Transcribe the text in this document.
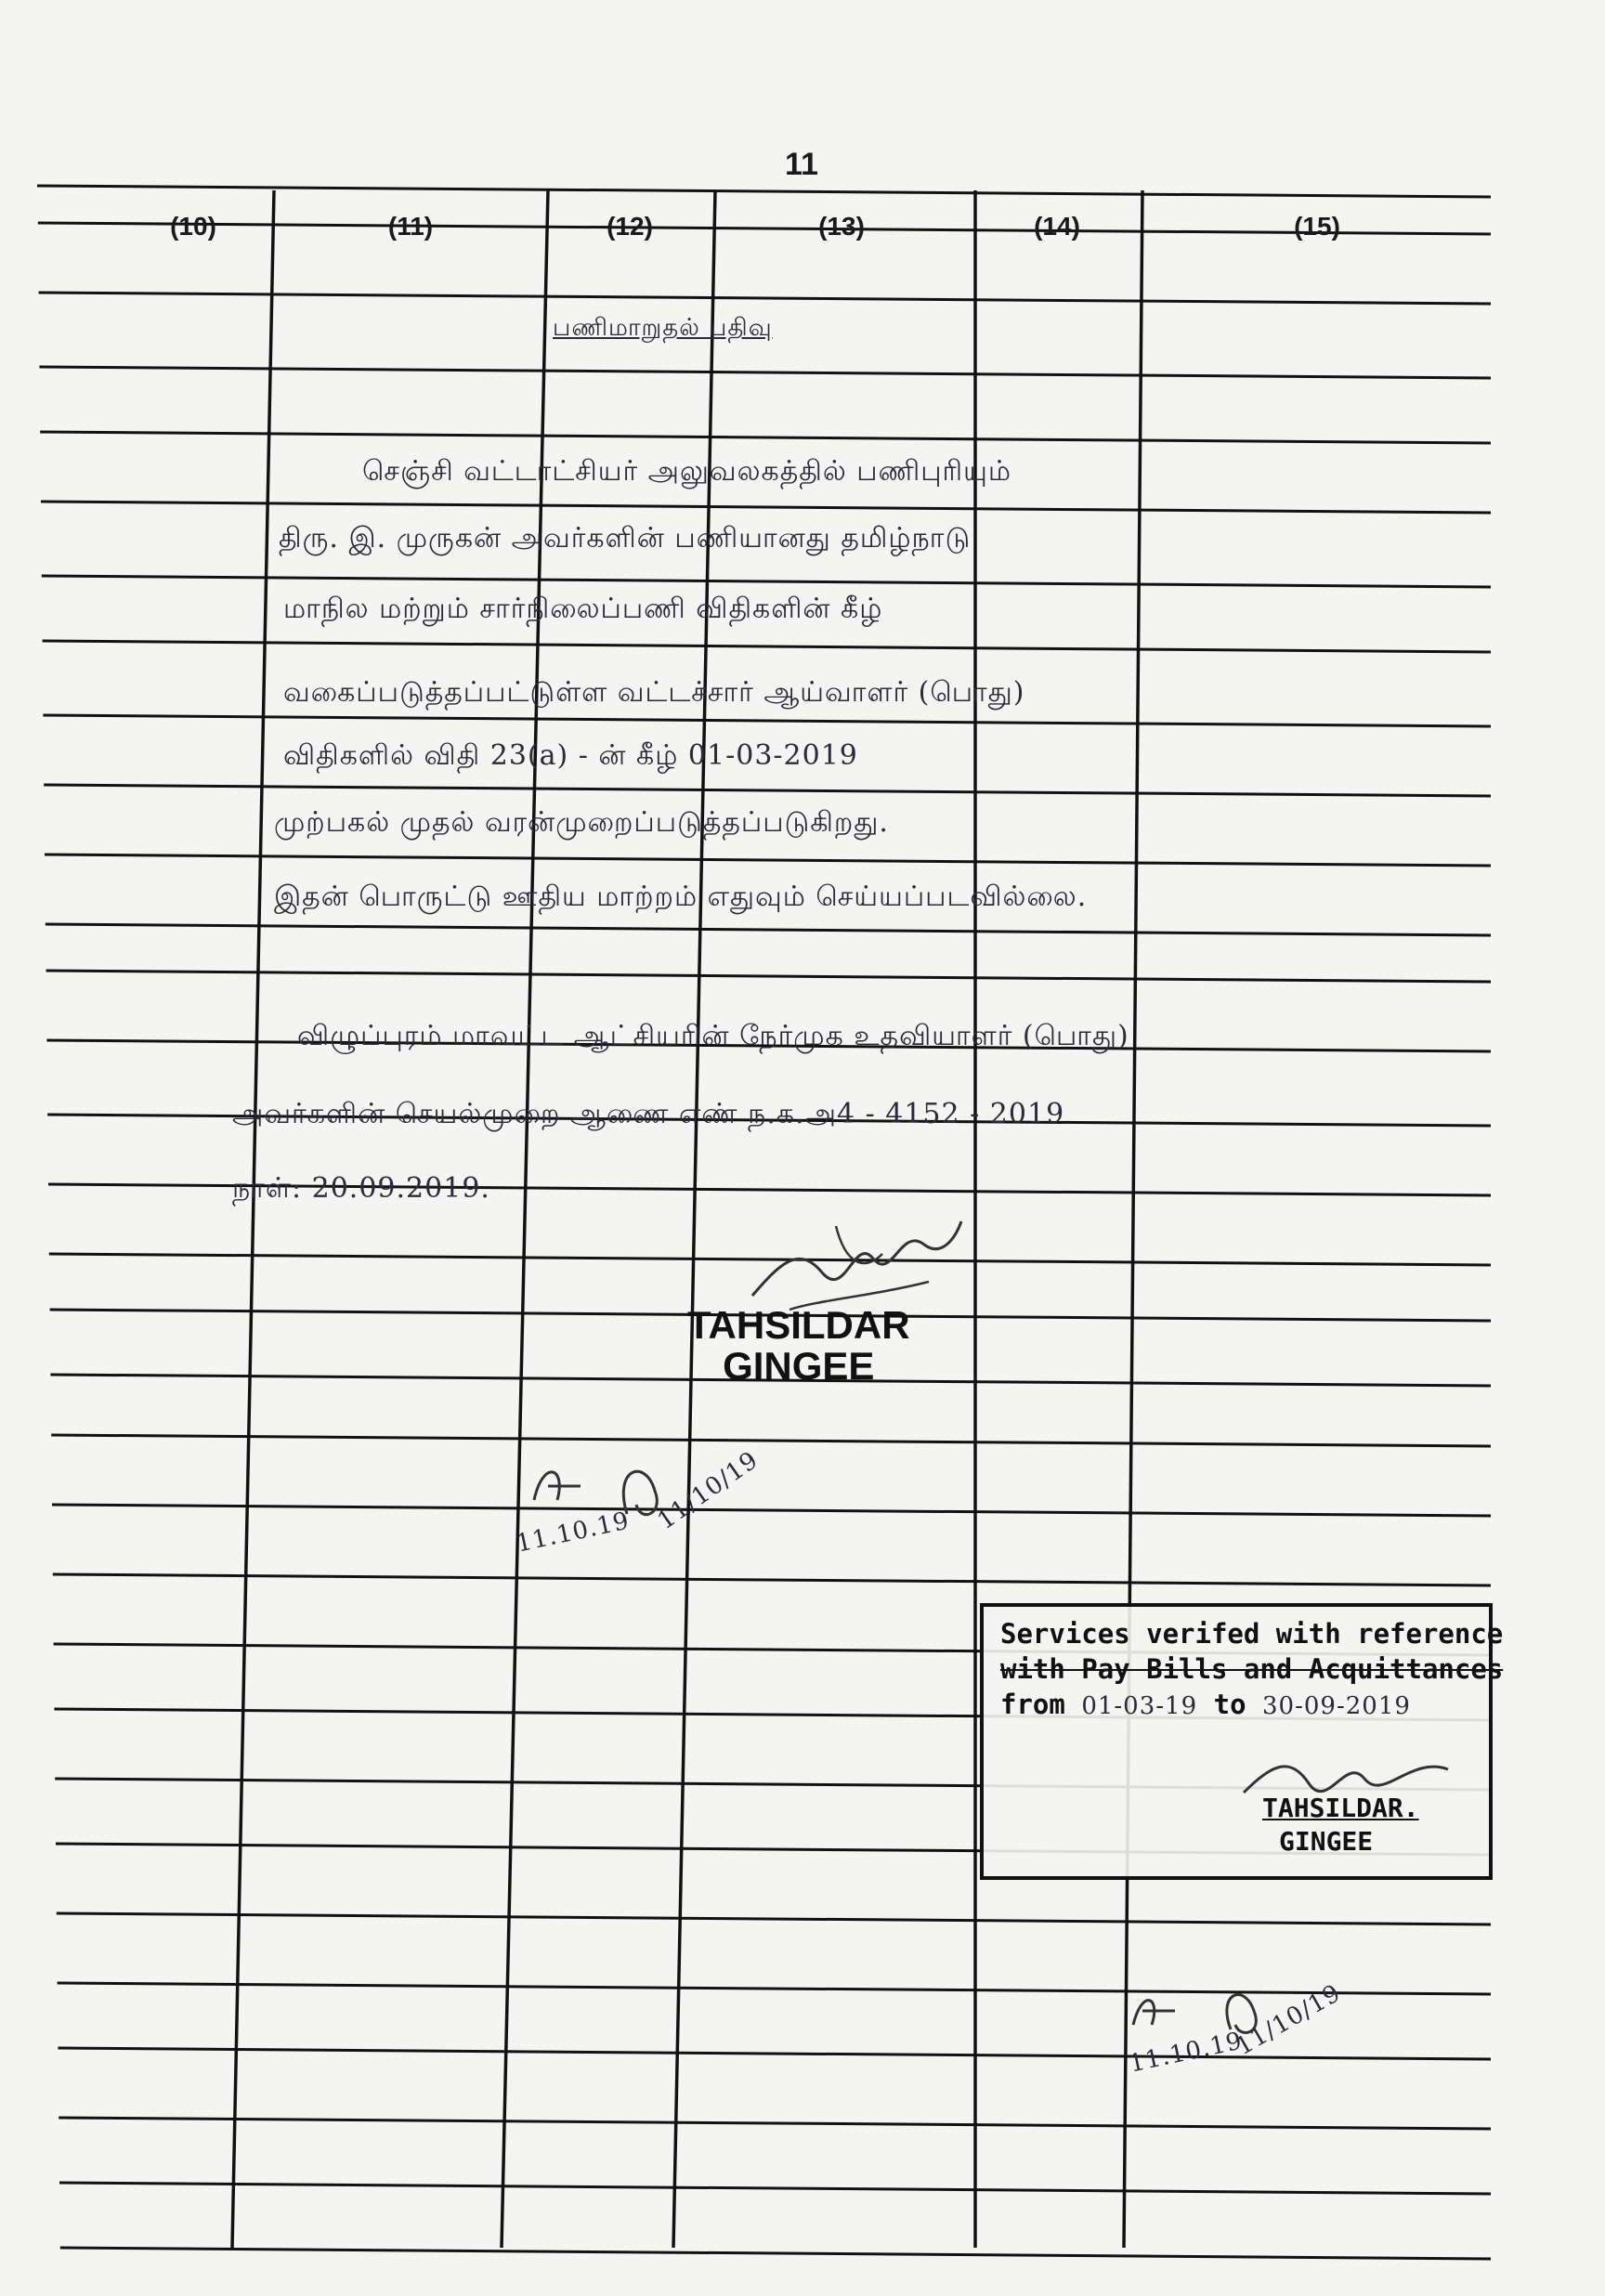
11
(10)	(11)	(12)	(13)	(14)	(15)
பணிமாறுதல் பதிவு
செஞ்சி வட்டாட்சியர் அலுவலகத்தில் பணிபுரியும்
திரு. இ. முருகன் அவர்களின் பணியானது தமிழ்நாடு
மாநில மற்றும் சார்நிலைப்பணி விதிகளின் கீழ்
வகைப்படுத்தப்பட்டுள்ள வட்டச்சார் ஆய்வாளர் (பொது)
விதிகளில் விதி 23(a) - ன் கீழ் 01-03-2019
முற்பகல் முதல் வரன்முறைப்படுத்தப்படுகிறது.
இதன் பொருட்டு ஊதிய மாற்றம் எதுவும் செய்யப்படவில்லை.
விழுப்புரம் மாவட்ட ஆட்சியரின் நேர்முக உதவியாளர் (பொது)
அவர்களின் செயல்முறை ஆணை எண் ந.க.அ4 - 4152 - 2019
நாள்: 20.09.2019.
TAHSILDAR
GINGEE
11.10.19 11/10/19
Services verifed with reference
with Pay Bills and Acquittances
from 01-03-19 to 30-09-2019
TAHSILDAR.
GINGEE
11.10.19
11/10/19
